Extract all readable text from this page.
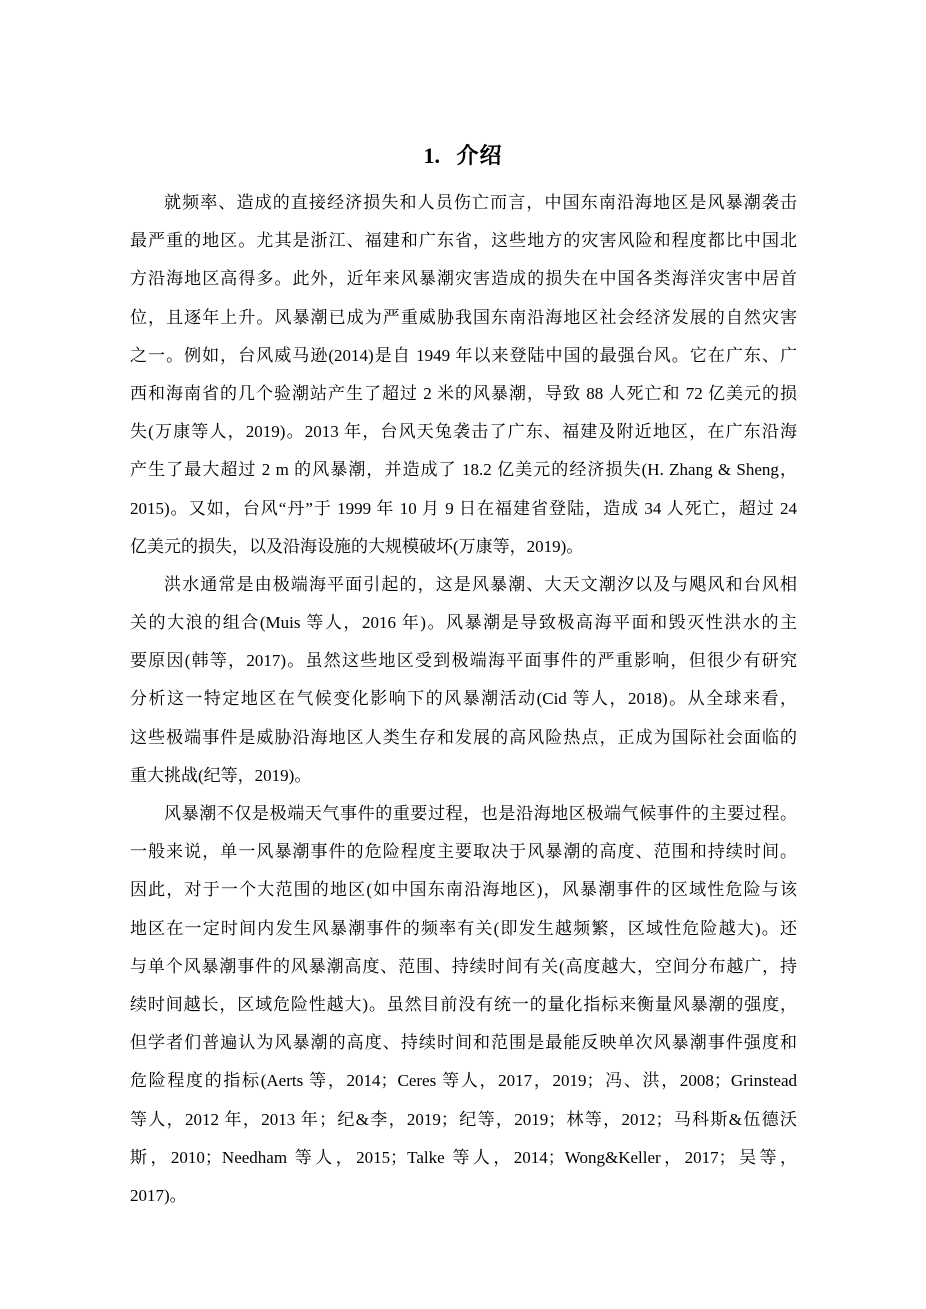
1. 介绍
就频率、造成的直接经济损失和人员伤亡而言，中国东南沿海地区是风暴潮袭击
最严重的地区。尤其是浙江、福建和广东省，这些地方的灾害风险和程度都比中国北
方沿海地区高得多。此外，近年来风暴潮灾害造成的损失在中国各类海洋灾害中居首
位，且逐年上升。风暴潮已成为严重威胁我国东南沿海地区社会经济发展的自然灾害
之一。例如，台风威马逊(2014)是自 1949 年以来登陆中国的最强台风。它在广东、广
西和海南省的几个验潮站产生了超过 2 米的风暴潮，导致 88 人死亡和 72 亿美元的损
失(万康等人，2019)。2013 年，台风天兔袭击了广东、福建及附近地区，在广东沿海
产生了最大超过 2 m 的风暴潮，并造成了 18.2 亿美元的经济损失(H. Zhang & Sheng，
2015)。又如，台风“丹”于 1999 年 10 月 9 日在福建省登陆，造成 34 人死亡，超过 24
亿美元的损失，以及沿海设施的大规模破坏(万康等，2019)。
洪水通常是由极端海平面引起的，这是风暴潮、大天文潮汐以及与飓风和台风相
关的大浪的组合(Muis 等人，2016 年)。风暴潮是导致极高海平面和毁灭性洪水的主
要原因(韩等，2017)。虽然这些地区受到极端海平面事件的严重影响，但很少有研究
分析这一特定地区在气候变化影响下的风暴潮活动(Cid 等人，2018)。从全球来看，
这些极端事件是威胁沿海地区人类生存和发展的高风险热点，正成为国际社会面临的
重大挑战(纪等，2019)。
风暴潮不仅是极端天气事件的重要过程，也是沿海地区极端气候事件的主要过程。
一般来说，单一风暴潮事件的危险程度主要取决于风暴潮的高度、范围和持续时间。
因此，对于一个大范围的地区(如中国东南沿海地区)，风暴潮事件的区域性危险与该
地区在一定时间内发生风暴潮事件的频率有关(即发生越频繁，区域性危险越大)。还
与单个风暴潮事件的风暴潮高度、范围、持续时间有关(高度越大，空间分布越广，持
续时间越长，区域危险性越大)。虽然目前没有统一的量化指标来衡量风暴潮的强度，
但学者们普遍认为风暴潮的高度、持续时间和范围是最能反映单次风暴潮事件强度和
危险程度的指标(Aerts 等，2014；Ceres 等人，2017，2019；冯、洪，2008；Grinstead
等人，2012 年，2013 年；纪&李，2019；纪等，2019；林等，2012；马科斯&伍德沃
斯，2010；Needham 等人，2015；Talke 等人，2014；Wong&Keller，2017；吴等，2017)。
